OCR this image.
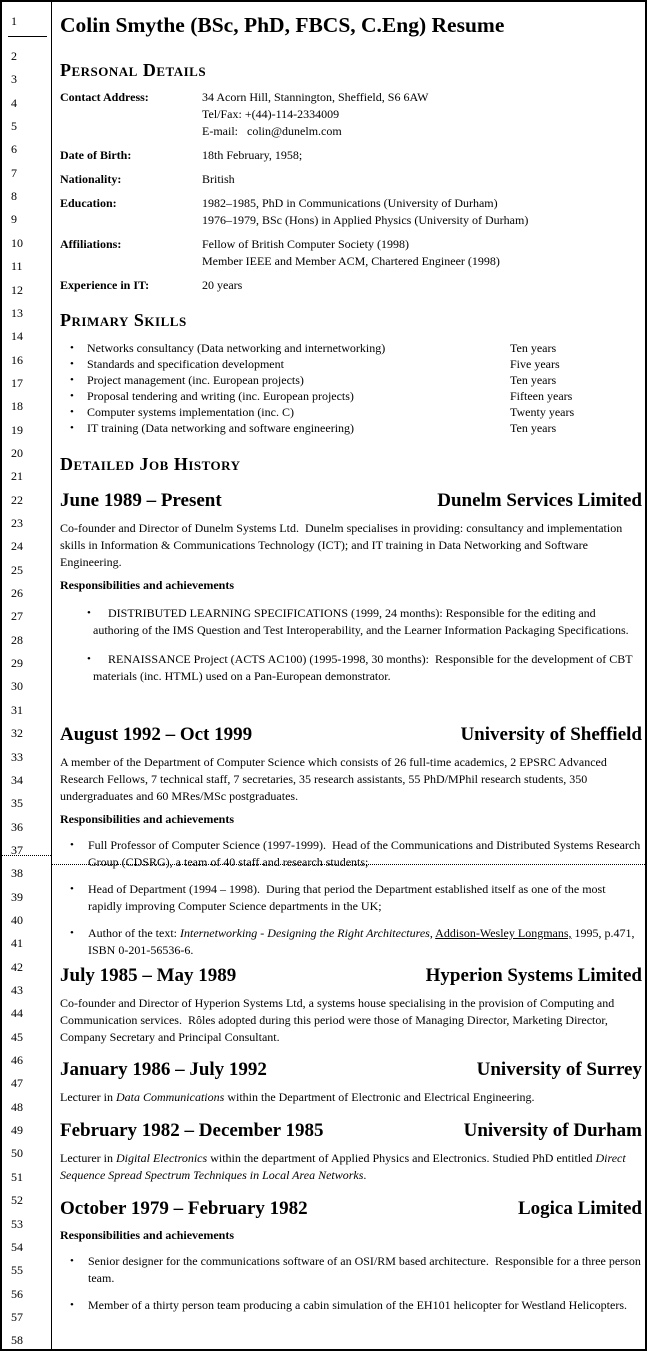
1
2
3
4
5
6
7
8
9
10
11
12
13
14
16
17
18
19
20
21
22
23
24
25
26
27
28
29
30
31
32
33
34
35
36
37
38
39
40
41
42
43
44
45
46
47
48
49
50
51
52
53
54
55
56
57
58
Colin Smythe (BSc, PhD, FBCS, C.Eng) Resume
Personal Details
Contact Address:	34 Acorn Hill, Stannington, Sheffield, S6 6AW
Tel/Fax: +(44)-114-2334009
E-mail:   colin@dunelm.com
Date of Birth:	18th February, 1958;
Nationality:	British
Education:	1982–1985, PhD in Communications (University of Durham)
1976–1979, BSc (Hons) in Applied Physics (University of Durham)
Affiliations:	Fellow of British Computer Society (1998)
Member IEEE and Member ACM, Chartered Engineer (1998)
Experience in IT:	20 years
Primary Skills
• Networks consultancy (Data networking and internetworking)	Ten years
• Standards and specification development	Five years
• Project management (inc. European projects)	Ten years
• Proposal tendering and writing (inc. European projects)	Fifteen years
• Computer systems implementation (inc. C)	Twenty years
• IT training (Data networking and software engineering)	Ten years
Detailed Job History
June 1989 – Present	Dunelm Services Limited

Co-founder and Director of Dunelm Systems Ltd.  Dunelm specialises in providing: consultancy and implementation skills in Information & Communications Technology (ICT); and IT training in Data Networking and Software Engineering.

Responsibilities and achievements
• DISTRIBUTED LEARNING SPECIFICATIONS (1999, 24 months): Responsible for the editing and authoring of the IMS Question and Test Interoperability, and the Learner Information Packaging Specifications.
• RENAISSANCE Project (ACTS AC100) (1995-1998, 30 months):  Responsible for the development of CBT materials (inc. HTML) used on a Pan-European demonstrator.
August 1992 – Oct 1999	University of Sheffield

A member of the Department of Computer Science which consists of 26 full-time academics, 2 EPSRC Advanced Research Fellows, 7 technical staff, 7 secretaries, 35 research assistants, 55 PhD/MPhil research students, 350 undergraduates and 60 MRes/MSc postgraduates.

Responsibilities and achievements
• Full Professor of Computer Science (1997-1999).  Head of the Communications and Distributed Systems Research Group (CDSRG), a team of 40 staff and research students;
• Head of Department (1994 – 1998).  During that period the Department established itself as one of the most rapidly improving Computer Science departments in the UK;
• Author of the text: Internetworking - Designing the Right Architectures, Addison-Wesley Longmans, 1995, p.471, ISBN 0-201-56536-6.
July 1985 – May 1989	Hyperion Systems Limited

Co-founder and Director of Hyperion Systems Ltd, a systems house specialising in the provision of Computing and Communication services.  Rôles adopted during this period were those of Managing Director, Marketing Director, Company Secretary and Principal Consultant.

January 1986 – July 1992	University of Surrey

Lecturer in Data Communications within the Department of Electronic and Electrical Engineering.

February 1982 – December 1985	University of Durham

Lecturer in Digital Electronics within the department of Applied Physics and Electronics. Studied PhD entitled Direct Sequence Spread Spectrum Techniques in Local Area Networks.

October 1979 – February 1982	Logica Limited
Responsibilities and achievements
• Senior designer for the communications software of an OSI/RM based architecture.  Responsible for a three person team.
• Member of a thirty person team producing a cabin simulation of the EH101 helicopter for Westland Helicopters.
